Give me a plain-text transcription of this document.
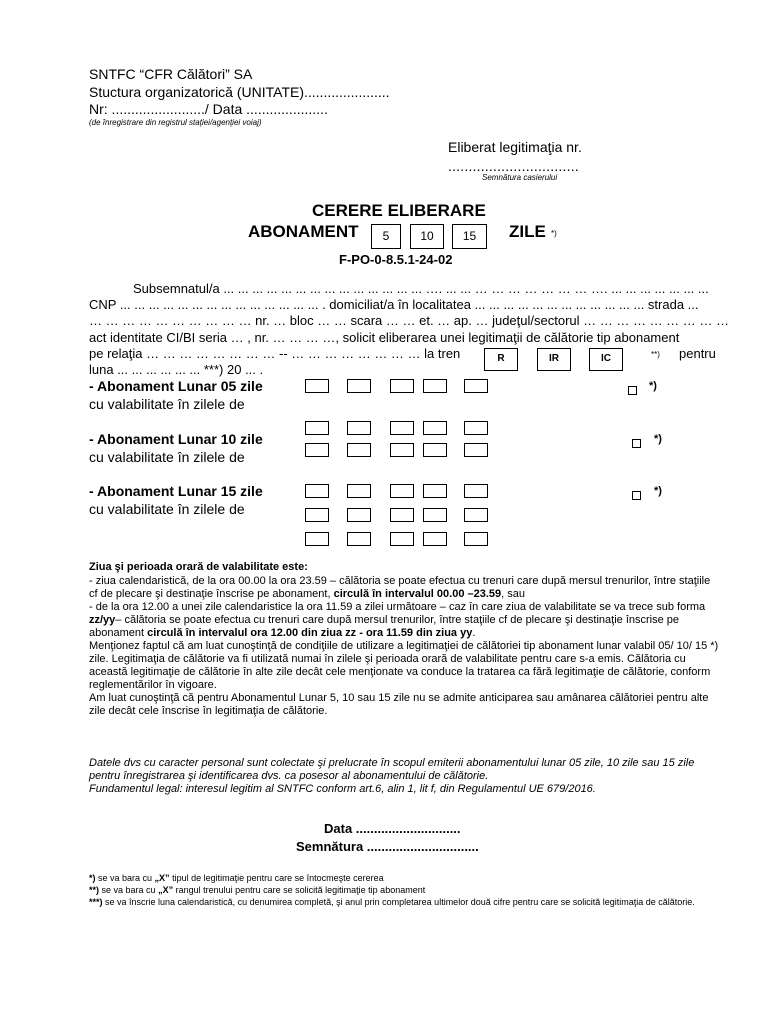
SNTFC “CFR Călători” SA
Stuctura organizatorică (UNITATE)......................
Nr: ......................../ Data .....................
(de înregistrare din registrul staţiei/agenţiei voiaj)
Eliberat legitimaţia nr.
................................
Semnătura casierului
CERERE ELIBERARE
ABONAMENT	5	10	15	ZILE *)
F-PO-0-8.5.1-24-02
Subsemnatul/a ... ... ... ... ... ... ... ... ... ... ... ... ... ... …. ... ... … … … … … … … …. ... ... ... ... ... ... ...
CNP ... ... ... ... ... ... ... ... ... ... ... ... ... ... . domiciliat/a în localitatea ... ... ... ... ... ... ... ... ... ... ... ... strada ...
… … … … … … … … … … nr. … bloc … … scara … … et. … ap. … judeţul/sectorul … … … … … … … … …
act identitate CI/BI seria … , nr. … … … …, solicit eliberarea unei legitimaţii de călătorie tip abonament
pe relaţia … … … … … … … … -- … … … … … … … … la tren	R	IR	IC	**) pentru
luna ... ... ... ... ... ... ***) 20 ... .
- Abonament Lunar 05 zile
cu valabilitate în zilele de
*)
- Abonament Lunar 10 zile
cu valabilitate în zilele de
*)
- Abonament Lunar 15 zile
cu valabilitate în zilele de
*)
Ziua şi perioada orară de valabilitate este:

- ziua calendaristică, de la ora 00.00 la ora 23.59 – călătoria se poate efectua cu trenuri care după mersul trenurilor, între staţiile cf de plecare şi destinaţie înscrise pe abonament, circulă în intervalul 00.00 –23.59, sau

- de la ora 12.00 a unei zile calendaristice la ora 11.59 a zilei următoare – caz în care ziua de valabilitate se va trece sub forma zz/yy– călătoria se poate efectua cu trenuri care după mersul trenurilor, între staţiile cf de plecare şi destinaţie înscrise pe abonament circulă în intervalul ora 12.00 din ziua zz - ora 11.59 din ziua yy.

Menţionez faptul că am luat cunoştinţă de condiţiile de utilizare a legitimaţiei de călătoriei tip abonament lunar valabil 05/ 10/ 15 *) zile. Legitimaţia de călătorie va fi utilizată numai în zilele şi perioada orară de valabilitate pentru care s-a emis. Călătoria cu această legitimaţie de călătorie în alte zile decât cele menţionate va conduce la tratarea ca fără legitimaţie de călătorie, conform reglementărilor în vigoare.

Am luat cunoştinţă că pentru Abonamentul Lunar 5, 10 sau 15 zile nu se admite anticiparea sau amânarea călătoriei pentru alte zile decât cele înscrise în legitimaţia de călătorie.

Datele dvs cu caracter personal sunt colectate şi prelucrate în scopul emiterii abonamentului lunar 05 zile, 10 zile sau 15 zile pentru înregistrarea şi identificarea dvs. ca posesor al abonamentului de călătorie.

Fundamentul legal: interesul legitim al SNTFC conform art.6, alin 1, lit f, din Regulamentul UE 679/2016.

Data .............................
Semnătura ...............................

*) se va bara cu „X” tipul de legitimaţie pentru care se întocmeşte cererea

**) se va bara cu „X” rangul trenului pentru care se solicită legitimaţie tip abonament

***) se va înscrie luna calendaristică, cu denumirea completă, şi anul prin completarea ultimelor două cifre pentru care se solicită legitimaţia de călătorie.
